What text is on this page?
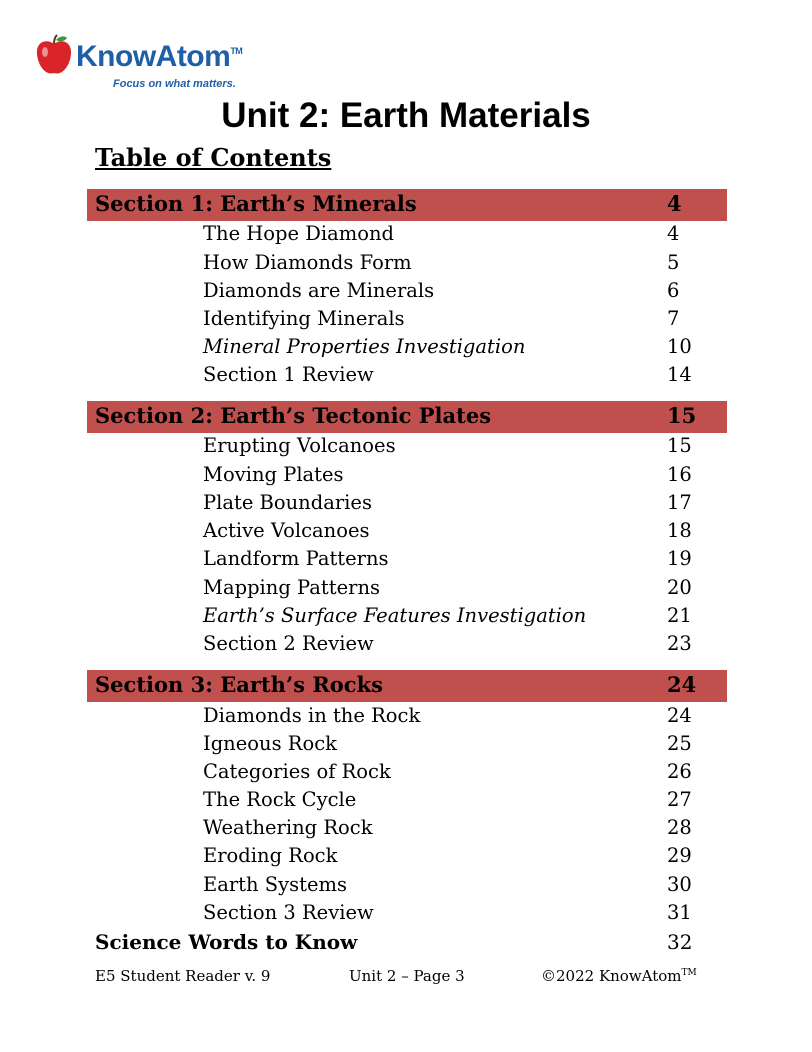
KnowAtom™
Focus on what matters.
Unit 2: Earth Materials
Table of Contents
Section 1: Earth’s Minerals	4
The Hope Diamond	4
How Diamonds Form	5
Diamonds are Minerals	6
Identifying Minerals	7
Mineral Properties Investigation	10
Section 1 Review	14
Section 2: Earth’s Tectonic Plates	15
Erupting Volcanoes	15
Moving Plates	16
Plate Boundaries	17
Active Volcanoes	18
Landform Patterns	19
Mapping Patterns	20
Earth’s Surface Features Investigation	21
Section 2 Review	23
Section 3: Earth’s Rocks	24
Diamonds in the Rock	24
Igneous Rock	25
Categories of Rock	26
The Rock Cycle	27
Weathering Rock	28
Eroding Rock	29
Earth Systems	30
Section 3 Review	31
Science Words to Know	32
E5 Student Reader v. 9	Unit 2 – Page 3	©2022 KnowAtom™
